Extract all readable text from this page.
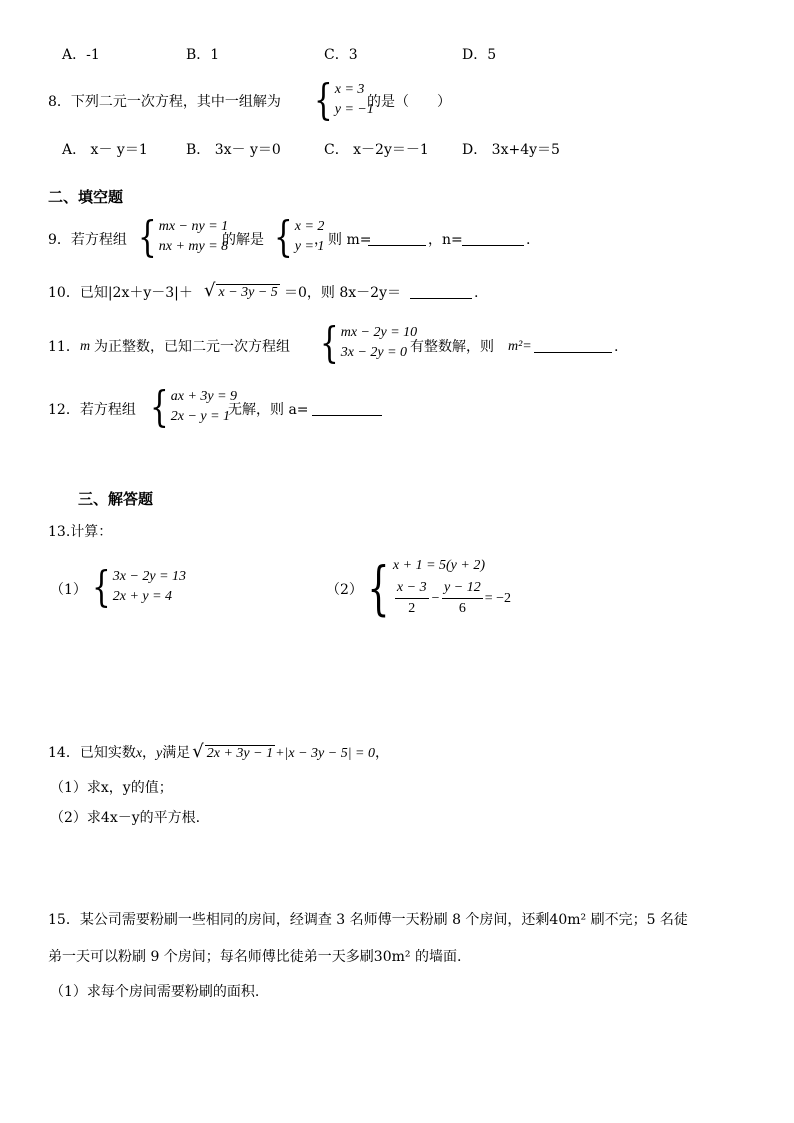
A．-1	B．1	C．3	D．5
8．下列二元一次方程，其中一组解为 { x = 3
y = −1
的是（　　）
A． x－ y＝1	B． 3x－ y＝0	C． x－2y＝－1 D． 3x+4y＝5
二、填空题
9．若方程组 { mx − ny = 1
nx + my = 8
的解是 { x = 2
y = 1
，则 m=	，n=	.
10．已知|2x＋y－3|＋ √ x − 3y − 5 ＝0，则 8x－2y＝	.
11． m 为正整数，已知二元一次方程组 { mx − 2y = 10
3x − 2y = 0 有整数解，则 m²=	.
12．若方程组 { ax + 3y = 9
2x − y = 1
无解，则 a=
三、解答题
13.计算：
（1） { 3x − 2y = 13
2x + y = 4	（2） { x + 1 = 5(y + 2)
$\frac{x - 3}{2} - \frac{y - 12}{6} = -2$
14．已知实数x，y满足 √ 2x + 3y − 1 +|x − 3y − 5| = 0，
（1）求x，y的值；
（2）求4x－y的平方根.
15．某公司需要粉刷一些相同的房间，经调查 3 名师傅一天粉刷 8 个房间，还剩40m² 刷不完；5 名徒
弟一天可以粉刷 9 个房间；每名师傅比徒弟一天多刷30m² 的墙面.
（1）求每个房间需要粉刷的面积.
